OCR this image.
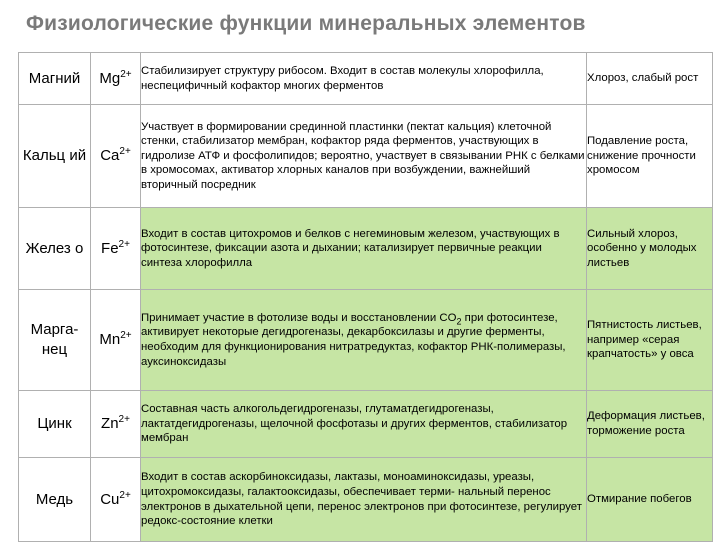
Физиологические функции минеральных элементов
Магний	$Mg^{2+}$	Стабилизирует структуру рибосом. Входит в состав молекулы хлорофилла, неспецифичный кофактор многих ферментов	Хлороз, слабый рост
Кальц ий	$Ca^{2+}$	Участвует в формировании срединной пластинки (пектат кальция) клеточной стенки, стабилизатор мембран, кофактор ряда ферментов, участвующих в гидролизе АТФ и фосфолипидов; вероятно, участвует в связывании РНК с белками в хромосомах, активатор хлорных каналов при возбуждении, важнейший вторичный посредник	Подавление роста, снижение прочности хромосом
Желез о	$Fe^{2+}$	Входит в состав цитохромов и белков с негеминовым железом, участвующих в фотосинтезе, фиксации азота и дыхании; катализирует первичные реакции синтеза хлорофилла	Сильный хлороз, особенно у молодых листьев
Марга- нец	$Mn^{2+}$	Принимает участие в фотолизе воды и восстановлении $CO_2$ при фотосинтезе, активирует некоторые дегидрогеназы, декарбоксилазы и другие ферменты, необходим для функционирования нитратредуктаз, кофактор РНК-полимеразы, ауксиноксидазы	Пятнистость листьев, например «серая крапчатость» у овса
Цинк	$Zn^{2+}$	Составная часть алкогольдегидрогеназы, глутаматдегидрогеназы, лактатдегидрогеназы, щелочной фосфотазы и других ферментов, стабилизатор мембран	Деформация листьев, торможение роста
Медь	$Cu^{2+}$	Входит в состав аскорбиноксидазы, лактазы, моноаминоксидазы, уреазы, цитохромоксидазы, галактооксидазы, обеспечивает терми- нальный перенос электронов в дыхательной цепи, перенос электронов при фотосинтезе, регулирует редокс-состояние клетки	Отмирание побегов
